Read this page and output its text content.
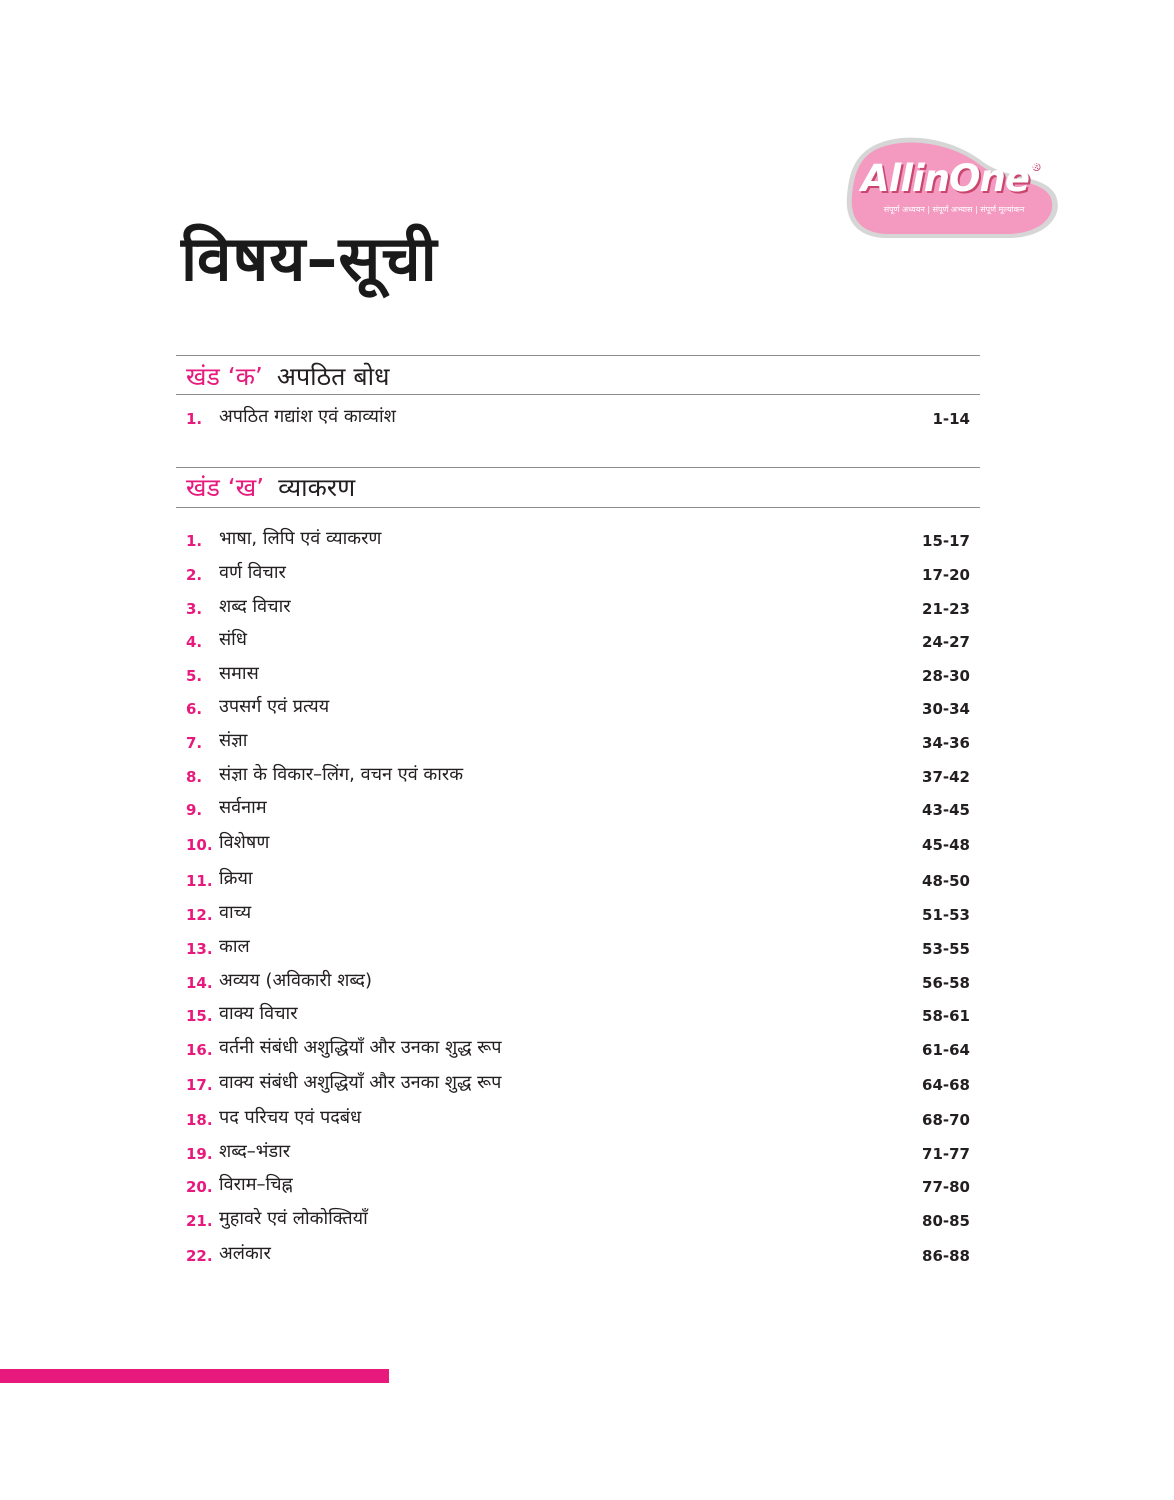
AllinOne®
संपूर्ण अध्ययन | संपूर्ण अभ्यास | संपूर्ण मूल्यांकन
विषय–सूची
खंड ‘क’ अपठित बोध
1. अपठित गद्यांश एवं काव्यांश	1-14
खंड ‘ख’ व्याकरण
1. भाषा, लिपि एवं व्याकरण	15-17
2. वर्ण विचार	17-20
3. शब्द विचार	21-23
4. संधि	24-27
5. समास	28-30
6. उपसर्ग एवं प्रत्यय	30-34
7. संज्ञा	34-36
8. संज्ञा के विकार–लिंग, वचन एवं कारक	37-42
9. सर्वनाम	43-45
10. विशेषण	45-48
11. क्रिया	48-50
12. वाच्य	51-53
13. काल	53-55
14. अव्यय (अविकारी शब्द)	56-58
15. वाक्य विचार	58-61
16. वर्तनी संबंधी अशुद्धियाँ और उनका शुद्ध रूप	61-64
17. वाक्य संबंधी अशुद्धियाँ और उनका शुद्ध रूप	64-68
18. पद परिचय एवं पदबंध	68-70
19. शब्द–भंडार	71-77
20. विराम–चिह्न	77-80
21. मुहावरे एवं लोकोक्तियाँ	80-85
22. अलंकार	86-88
